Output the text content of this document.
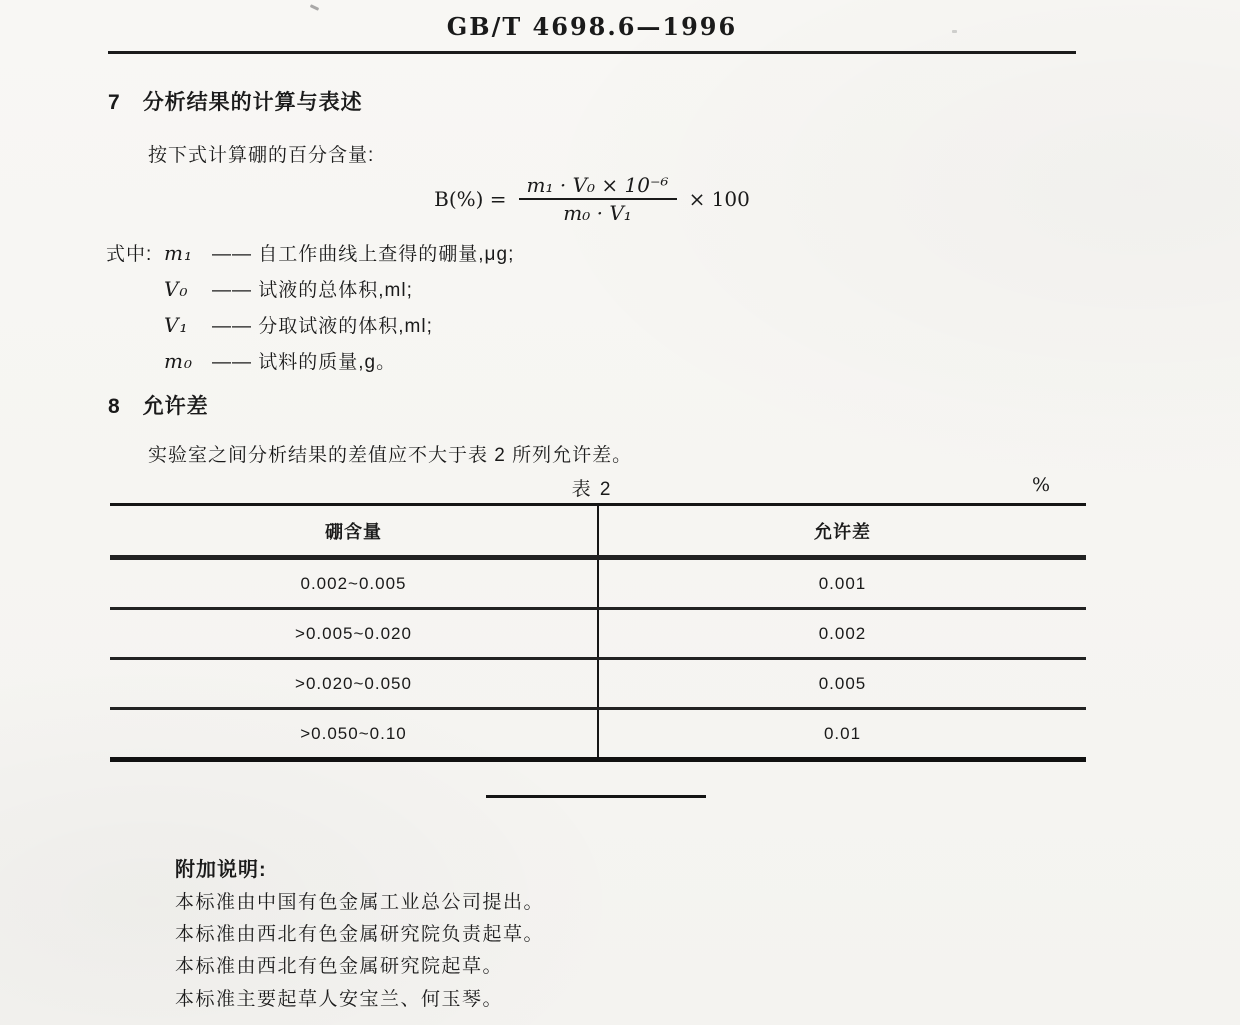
GB/T 4698.6—1996
7 分析结果的计算与表述
按下式计算硼的百分含量:
$B(\%) = \frac{\text{m₁ · V₀ × 10⁻⁶}}{\text{m₀ · V₁}} \times 100$
式中: m₁	—— 自工作曲线上查得的硼量,μg;
V₀	—— 试液的总体积,ml;
V₁	—— 分取试液的体积,ml;
m₀	—— 试料的质量,g。
8 允许差
实验室之间分析结果的差值应不大于表 2 所列允许差。
表 2	%
硼含量	允许差
0.002~0.005	0.001
>0.005~0.020	0.002
>0.020~0.050	0.005
>0.050~0.10	0.01
附加说明:
本标准由中国有色金属工业总公司提出。
本标准由西北有色金属研究院负责起草。
本标准由西北有色金属研究院起草。
本标准主要起草人安宝兰、何玉琴。
